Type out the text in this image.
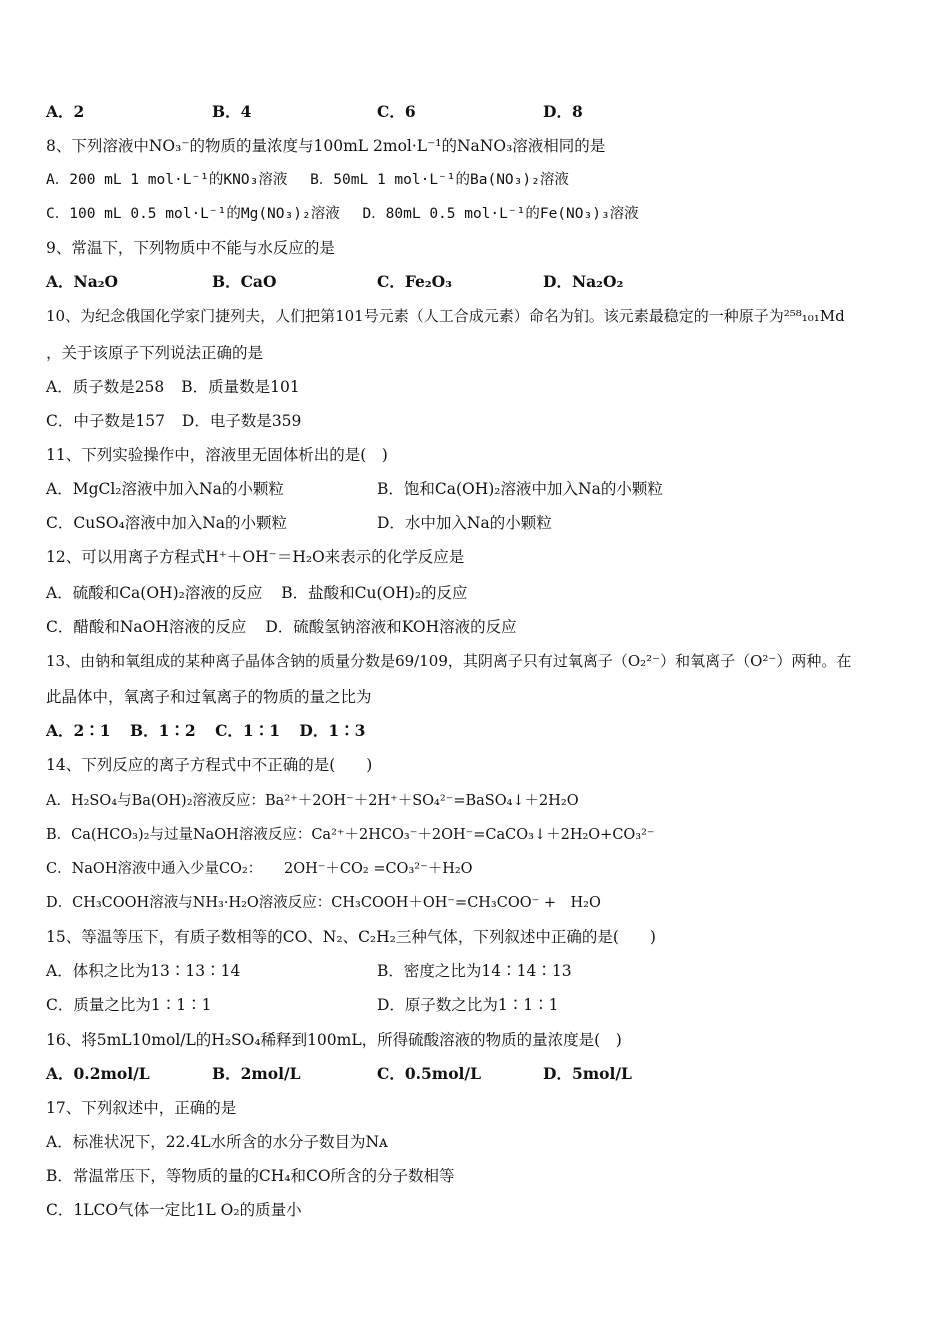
A．2	B．4	C．6	D．8
8、下列溶液中NO₃⁻的物质的量浓度与100mL 2mol·L⁻¹的NaNO₃溶液相同的是
A．200 mL 1 mol·L⁻¹的KNO₃溶液 B．50mL 1 mol·L⁻¹的Ba(NO₃)₂溶液
C．100 mL 0.5 mol·L⁻¹的Mg(NO₃)₂溶液 D．80mL 0.5 mol·L⁻¹的Fe(NO₃)₃溶液
9、常温下，下列物质中不能与水反应的是
A．Na₂O	B．CaO	C．Fe₂O₃	D．Na₂O₂
10、为纪念俄国化学家门捷列夫，人们把第101号元素（人工合成元素）命名为钔。该元素最稳定的一种原子为²⁵⁸₁₀₁Md
，关于该原子下列说法正确的是
A．质子数是258 B．质量数是101
C．中子数是157 D．电子数是359
11、下列实验操作中，溶液里无固体析出的是(　)
A．MgCl₂溶液中加入Na的小颗粒	B．饱和Ca(OH)₂溶液中加入Na的小颗粒
C．CuSO₄溶液中加入Na的小颗粒	D．水中加入Na的小颗粒
12、可以用离子方程式H⁺＋OH⁻＝H₂O来表示的化学反应是
A．硫酸和Ca(OH)₂溶液的反应 B．盐酸和Cu(OH)₂的反应
C．醋酸和NaOH溶液的反应 D．硫酸氢钠溶液和KOH溶液的反应
13、由钠和氧组成的某种离子晶体含钠的质量分数是69/109，其阴离子只有过氧离子（O₂²⁻）和氧离子（O²⁻）两种。在
此晶体中，氧离子和过氧离子的物质的量之比为
A．2∶1 B．1∶2 C．1∶1 D．1∶3
14、下列反应的离子方程式中不正确的是(　　)
A．H₂SO₄与Ba(OH)₂溶液反应：Ba²⁺＋2OH⁻＋2H⁺＋SO₄²⁻=BaSO₄↓＋2H₂O
B．Ca(HCO₃)₂与过量NaOH溶液反应：Ca²⁺＋2HCO₃⁻＋2OH⁻=CaCO₃↓＋2H₂O+CO₃²⁻
C．NaOH溶液中通入少量CO₂：　　2OH⁻＋CO₂ =CO₃²⁻＋H₂O
D．CH₃COOH溶液与NH₃·H₂O溶液反应：CH₃COOH＋OH⁻=CH₃COO⁻ +　H₂O
15、等温等压下，有质子数相等的CO、N₂、C₂H₂三种气体，下列叙述中正确的是(　　)
A．体积之比为13∶13∶14	B．密度之比为14∶14∶13
C．质量之比为1∶1∶1	D．原子数之比为1∶1∶1
16、将5mL10mol/L的H₂SO₄稀释到100mL，所得硫酸溶液的物质的量浓度是(　)
A．0.2mol/L	B．2mol/L	C．0.5mol/L	D．5mol/L
17、下列叙述中，正确的是
A．标准状况下，22.4L水所含的水分子数目为Nᴀ
B．常温常压下，等物质的量的CH₄和CO所含的分子数相等
C．1LCO气体一定比1L O₂的质量小
